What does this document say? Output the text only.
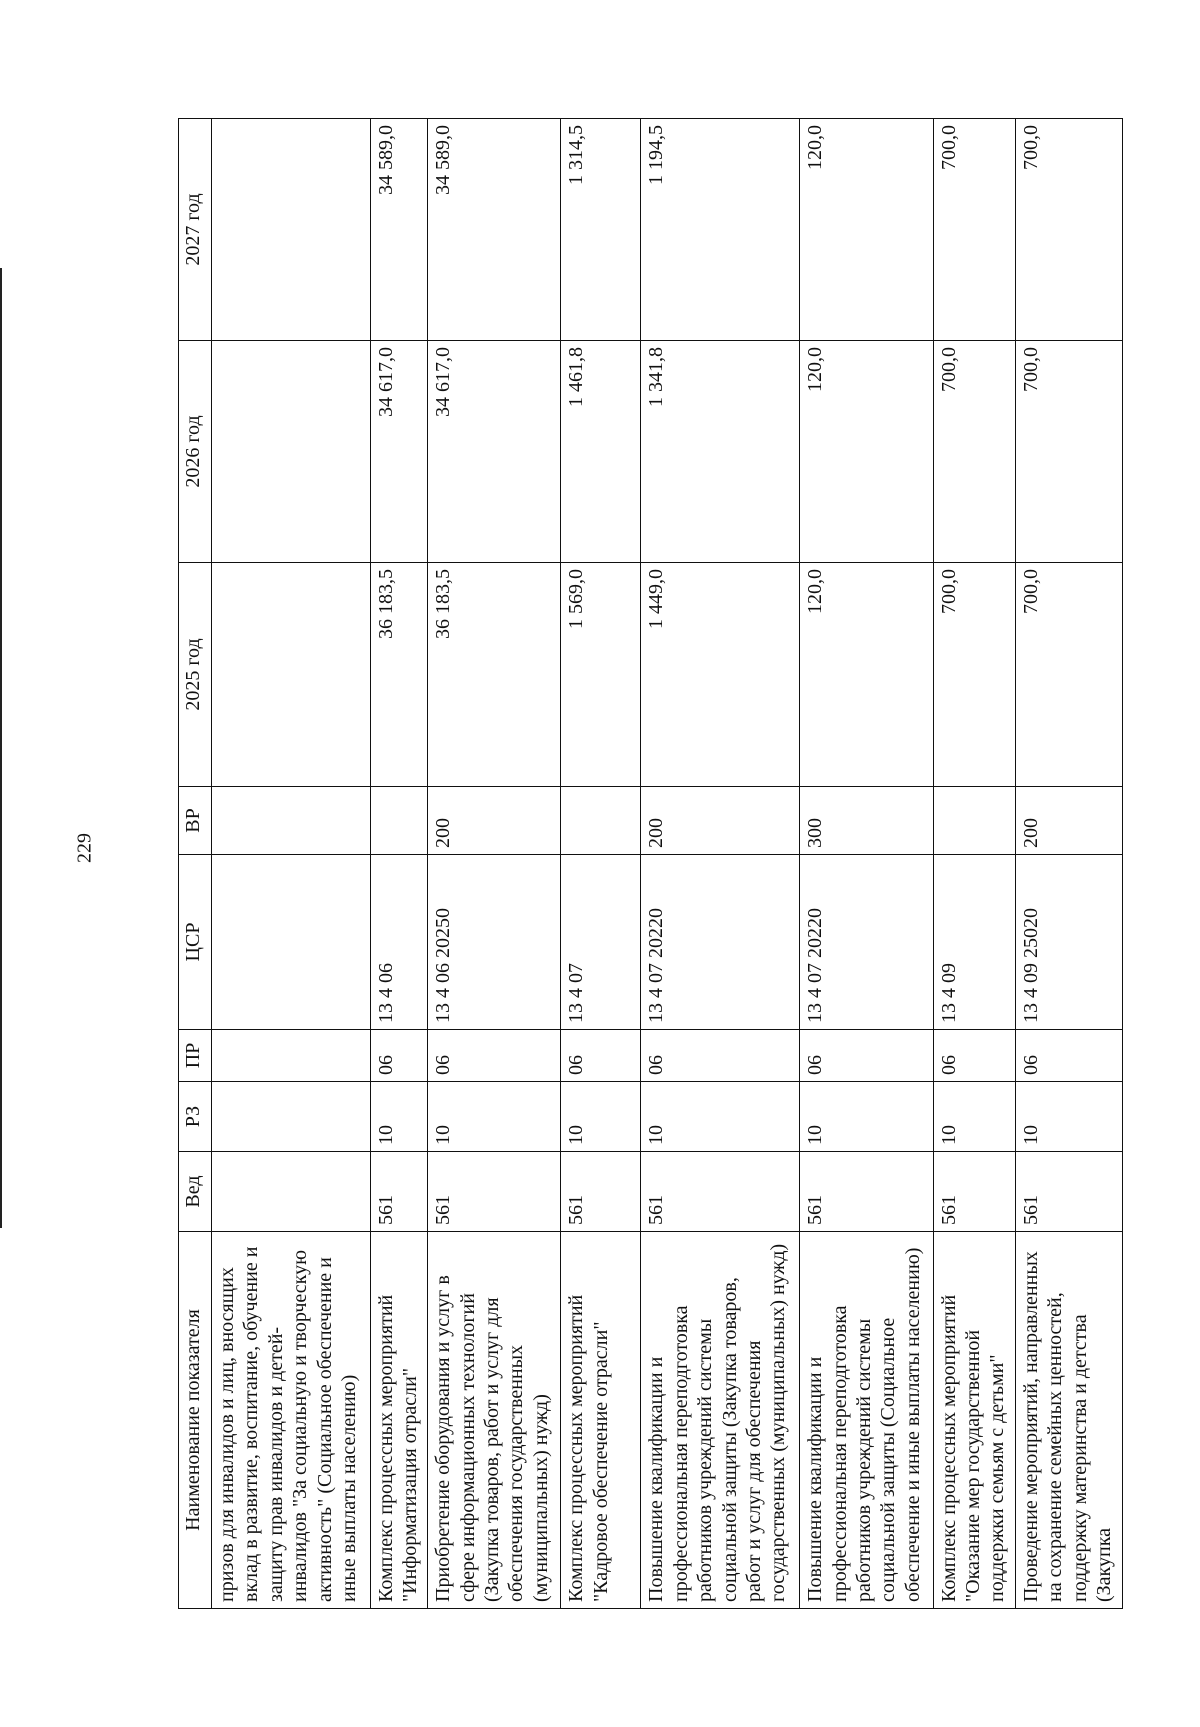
229
Наименование показателя	Вед	РЗ	ПР	ЦСР	ВР	2025 год	2026 год	2027 год
призов для инвалидов и лиц, вносящих вклад в развитие, воспитание, обучение и защиту прав инвалидов и детей-инвалидов "За социальную и творческую активность" (Социальное обеспечение и иные выплаты населению)								
Комплекс процессных мероприятий "Информатизация отрасли"	561	10	06	13 4 06		36 183,5	34 617,0	34 589,0
Приобретение оборудования и услуг в сфере информационных технологий (Закупка товаров, работ и услуг для обеспечения государственных (муниципальных) нужд)	561	10	06	13 4 06 20250	200	36 183,5	34 617,0	34 589,0
Комплекс процессных мероприятий "Кадровое обеспечение отрасли"	561	10	06	13 4 07		1 569,0	1 461,8	1 314,5
Повышение квалификации и профессиональная переподготовка работников учреждений системы социальной защиты (Закупка товаров, работ и услуг для обеспечения государственных (муниципальных) нужд)	561	10	06	13 4 07 20220	200	1 449,0	1 341,8	1 194,5
Повышение квалификации и профессиональная переподготовка работников учреждений системы социальной защиты (Социальное обеспечение и иные выплаты населению)	561	10	06	13 4 07 20220	300	120,0	120,0	120,0
Комплекс процессных мероприятий "Оказание мер государственной поддержки семьям с детьми"	561	10	06	13 4 09		700,0	700,0	700,0
Проведение мероприятий, направленных на сохранение семейных ценностей, поддержку материнства и детства (Закупка	561	10	06	13 4 09 25020	200	700,0	700,0	700,0
